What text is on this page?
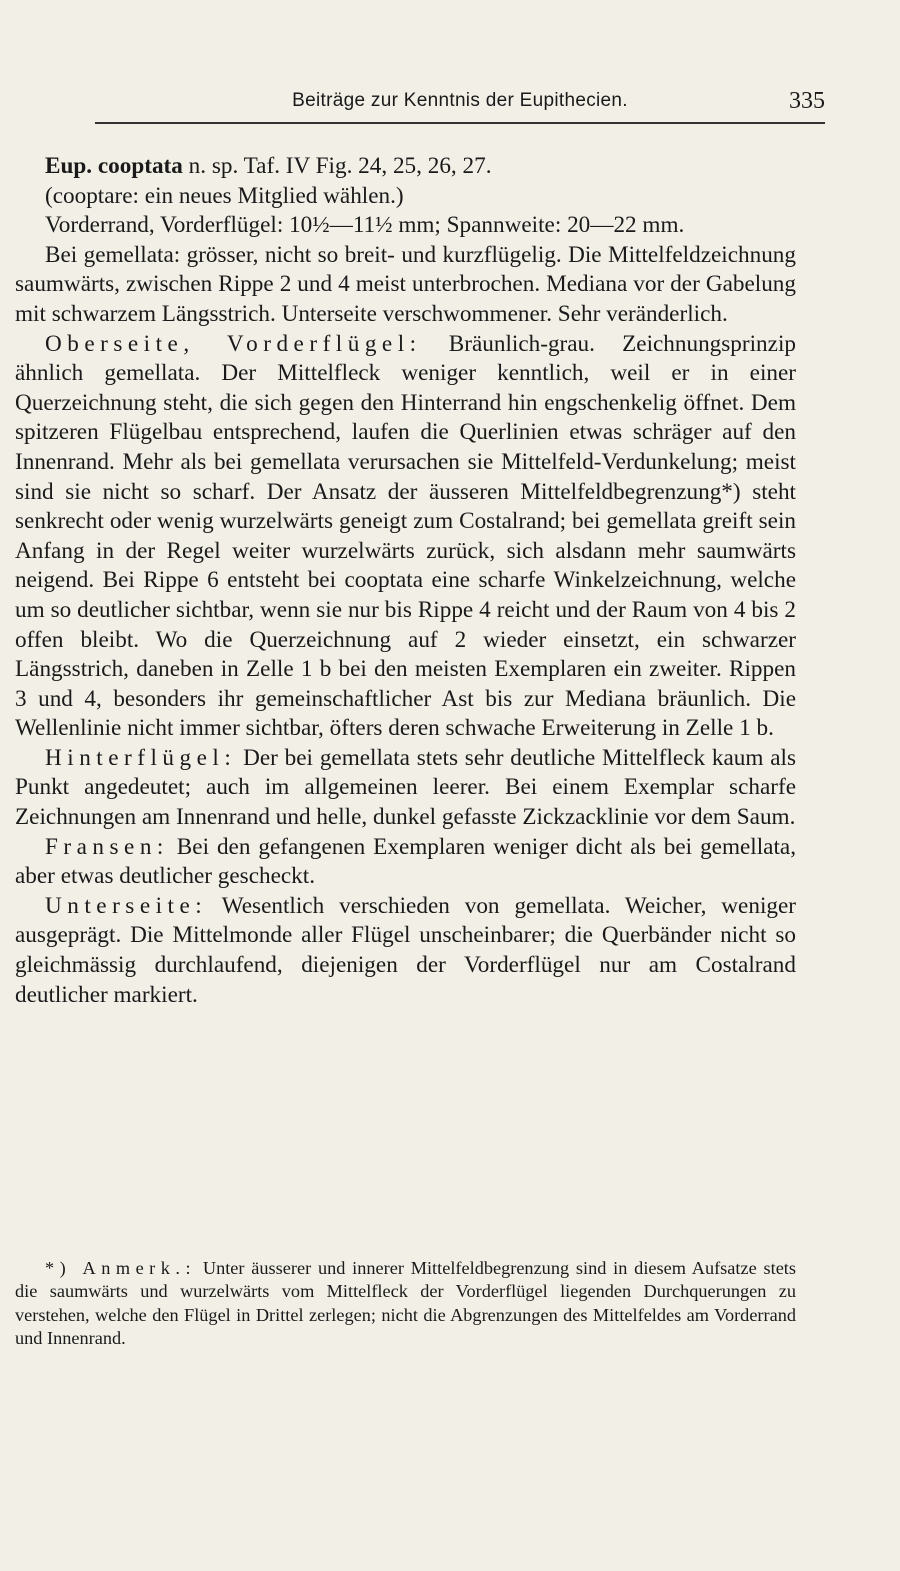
Beiträge zur Kenntnis der Eupithecien.	335

Eup. cooptata n. sp. Taf. IV Fig. 24, 25, 26, 27.

(cooptare: ein neues Mitglied wählen.)

Vorderrand, Vorderflügel: 10½—11½ mm; Spannweite: 20—22 mm.

Bei gemellata: grösser, nicht so breit- und kurzflügelig. Die Mittelfeldzeichnung saumwärts, zwischen Rippe 2 und 4 meist unterbrochen. Mediana vor der Gabelung mit schwarzem Längsstrich. Unterseite verschwommener. Sehr veränderlich.

Oberseite, Vorderflügel: Bräunlich-grau. Zeichnungsprinzip ähnlich gemellata. Der Mittelfleck weniger kenntlich, weil er in einer Querzeichnung steht, die sich gegen den Hinterrand hin engschenkelig öffnet. Dem spitzeren Flügelbau entsprechend, laufen die Querlinien etwas schräger auf den Innenrand. Mehr als bei gemellata verursachen sie Mittelfeld-Verdunkelung; meist sind sie nicht so scharf. Der Ansatz der äusseren Mittelfeldbegrenzung*) steht senkrecht oder wenig wurzelwärts geneigt zum Costalrand; bei gemellata greift sein Anfang in der Regel weiter wurzelwärts zurück, sich alsdann mehr saumwärts neigend. Bei Rippe 6 entsteht bei cooptata eine scharfe Winkelzeichnung, welche um so deutlicher sichtbar, wenn sie nur bis Rippe 4 reicht und der Raum von 4 bis 2 offen bleibt. Wo die Querzeichnung auf 2 wieder einsetzt, ein schwarzer Längsstrich, daneben in Zelle 1 b bei den meisten Exemplaren ein zweiter. Rippen 3 und 4, besonders ihr gemeinschaftlicher Ast bis zur Mediana bräunlich. Die Wellenlinie nicht immer sichtbar, öfters deren schwache Erweiterung in Zelle 1 b.

Hinterflügel: Der bei gemellata stets sehr deutliche Mittelfleck kaum als Punkt angedeutet; auch im allgemeinen leerer. Bei einem Exemplar scharfe Zeichnungen am Innenrand und helle, dunkel gefasste Zickzacklinie vor dem Saum.

Fransen: Bei den gefangenen Exemplaren weniger dicht als bei gemellata, aber etwas deutlicher gescheckt.

Unterseite: Wesentlich verschieden von gemellata. Weicher, weniger ausgeprägt. Die Mittelmonde aller Flügel unscheinbarer; die Querbänder nicht so gleichmässig durchlaufend, diejenigen der Vorderflügel nur am Costalrand deutlicher markiert.

*) Anmerk.: Unter äusserer und innerer Mittelfeldbegrenzung sind in diesem Aufsatze stets die saumwärts und wurzelwärts vom Mittelfleck der Vorderflügel liegenden Durchquerungen zu verstehen, welche den Flügel in Drittel zerlegen; nicht die Abgrenzungen des Mittelfeldes am Vorderrand und Innenrand.
